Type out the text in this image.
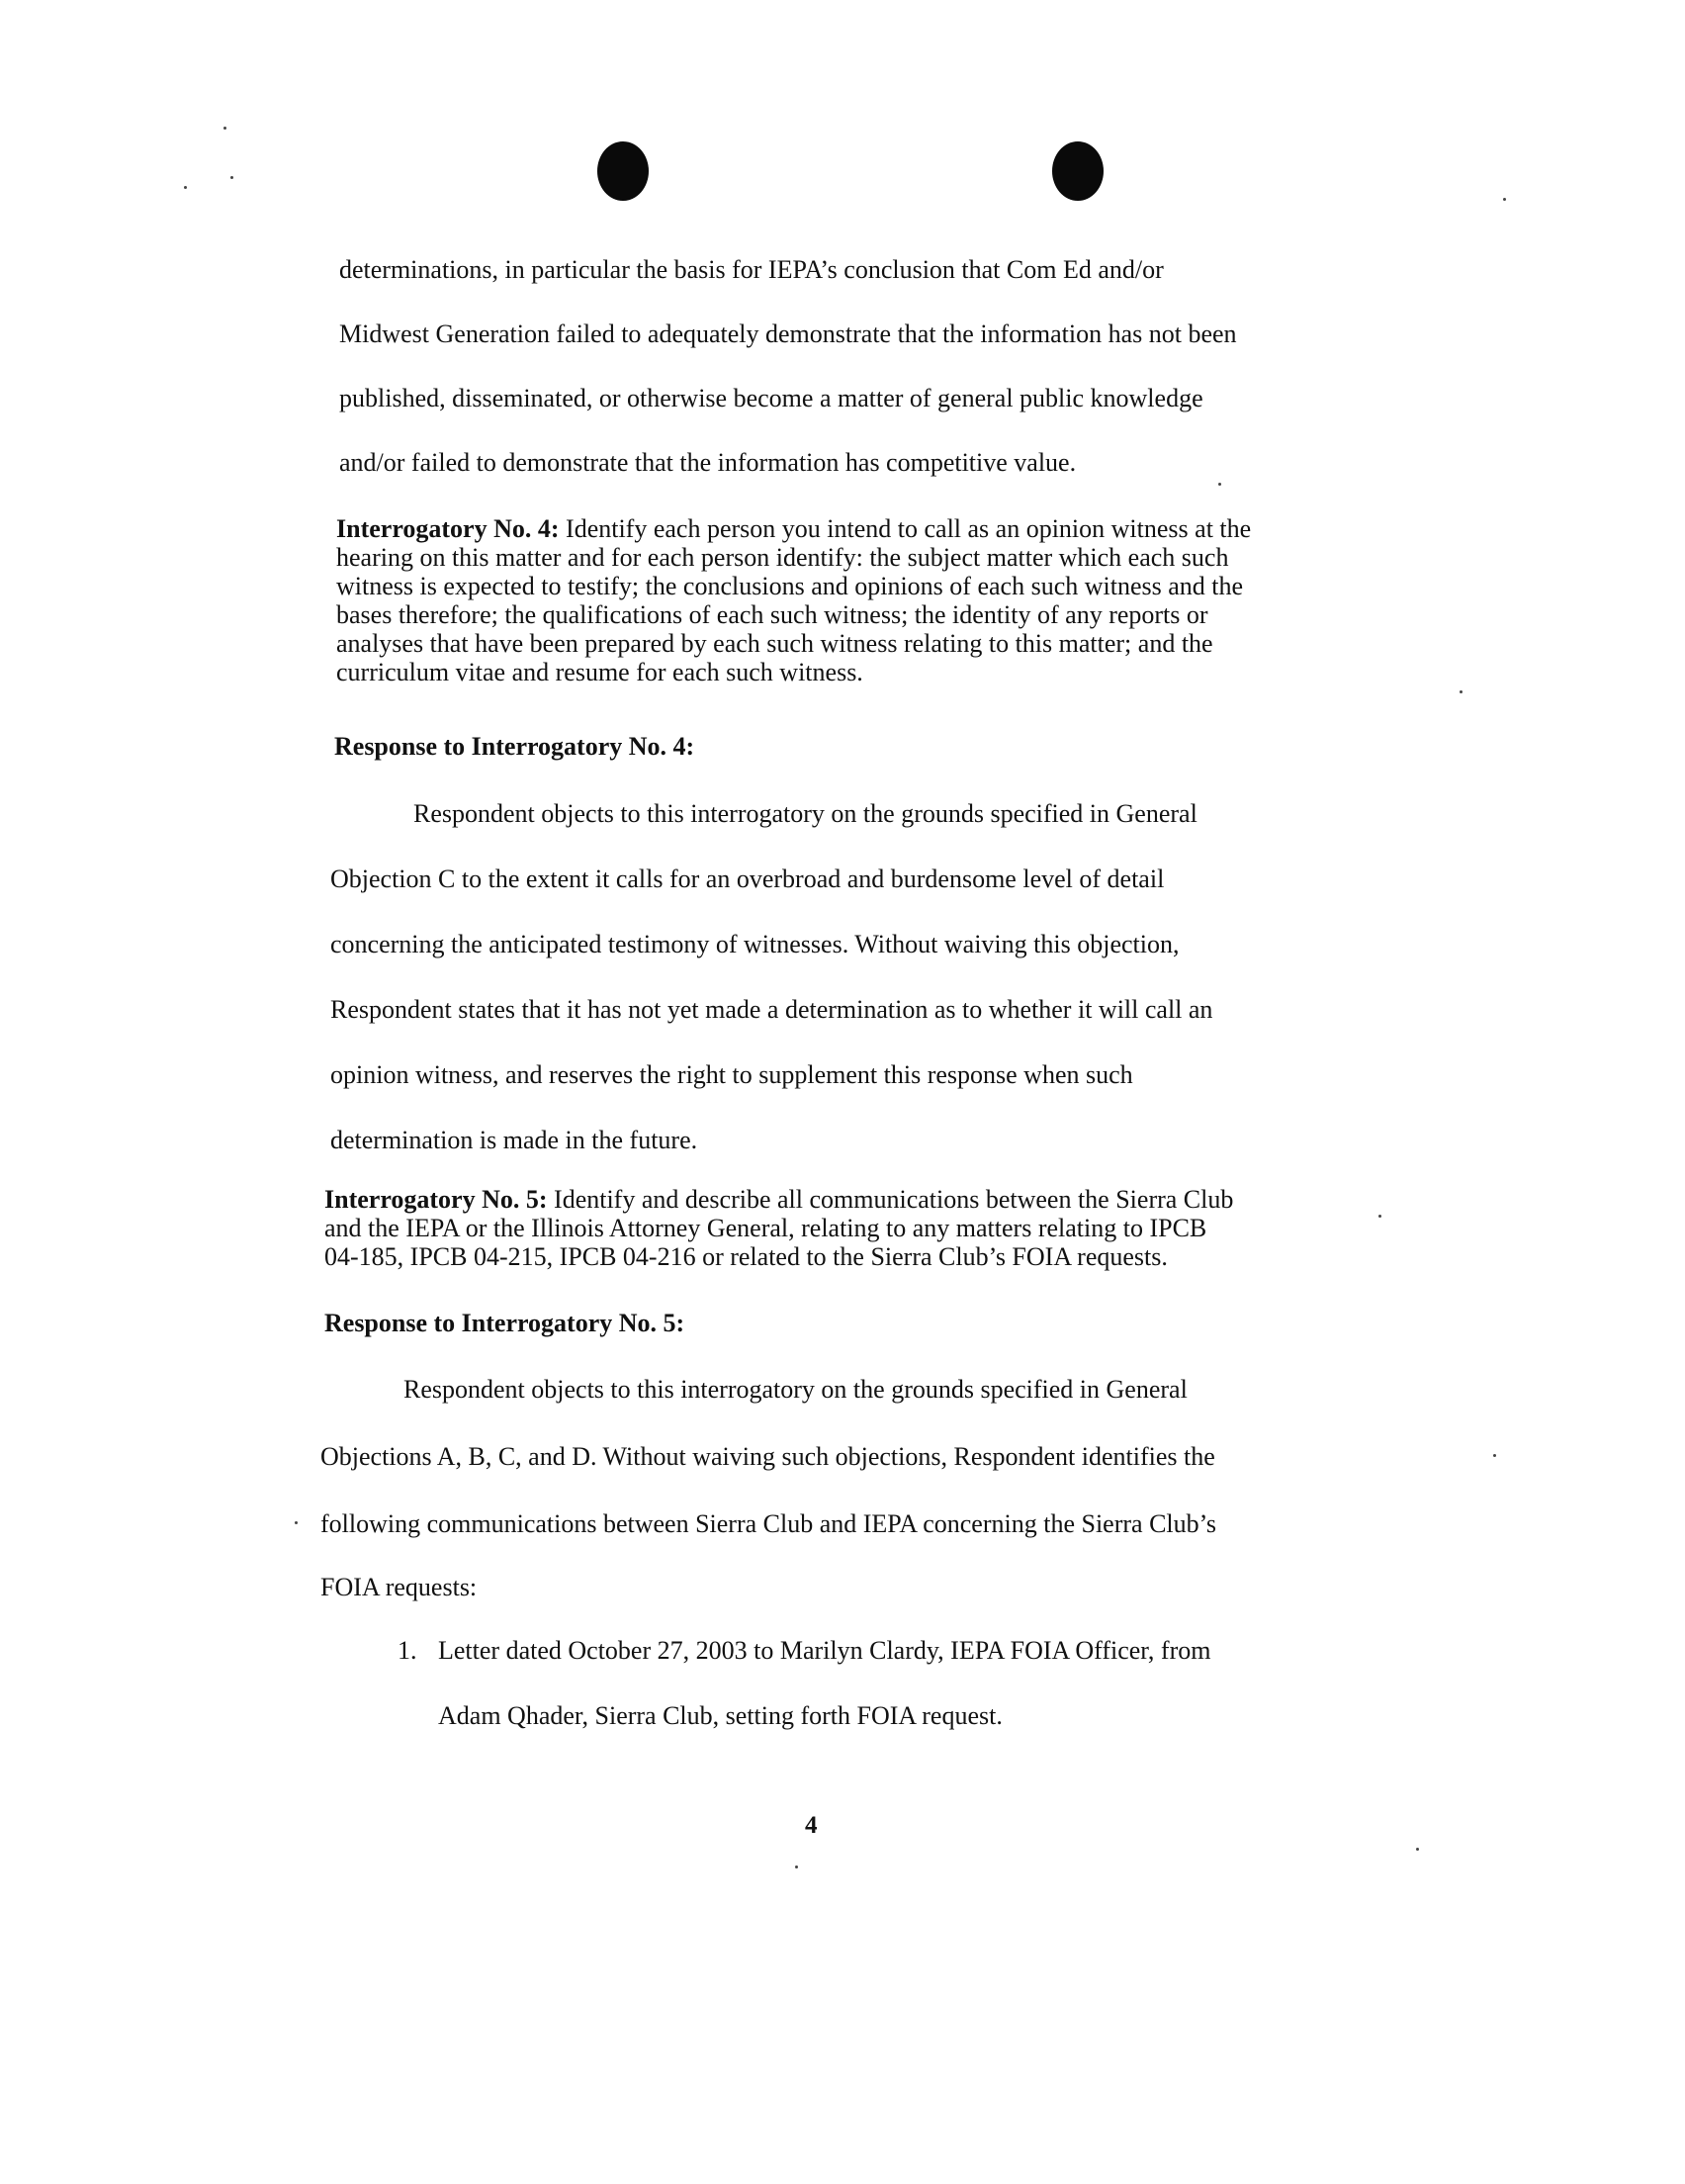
determinations, in particular the basis for IEPA’s conclusion that Com Ed and/or
Midwest Generation failed to adequately demonstrate that the information has not been
published, disseminated, or otherwise become a matter of general public knowledge
and/or failed to demonstrate that the information has competitive value.
Interrogatory No. 4: Identify each person you intend to call as an opinion witness at the
hearing on this matter and for each person identify: the subject matter which each such
witness is expected to testify; the conclusions and opinions of each such witness and the
bases therefore; the qualifications of each such witness; the identity of any reports or
analyses that have been prepared by each such witness relating to this matter; and the
curriculum vitae and resume for each such witness.
Response to Interrogatory No. 4:
Respondent objects to this interrogatory on the grounds specified in General
Objection C to the extent it calls for an overbroad and burdensome level of detail
concerning the anticipated testimony of witnesses. Without waiving this objection,
Respondent states that it has not yet made a determination as to whether it will call an
opinion witness, and reserves the right to supplement this response when such
determination is made in the future.
Interrogatory No. 5: Identify and describe all communications between the Sierra Club
and the IEPA or the Illinois Attorney General, relating to any matters relating to IPCB
04-185, IPCB 04-215, IPCB 04-216 or related to the Sierra Club’s FOIA requests.
Response to Interrogatory No. 5:
Respondent objects to this interrogatory on the grounds specified in General
Objections A, B, C, and D. Without waiving such objections, Respondent identifies the
following communications between Sierra Club and IEPA concerning the Sierra Club’s
FOIA requests:
1. Letter dated October 27, 2003 to Marilyn Clardy, IEPA FOIA Officer, from
Adam Qhader, Sierra Club, setting forth FOIA request.
4
